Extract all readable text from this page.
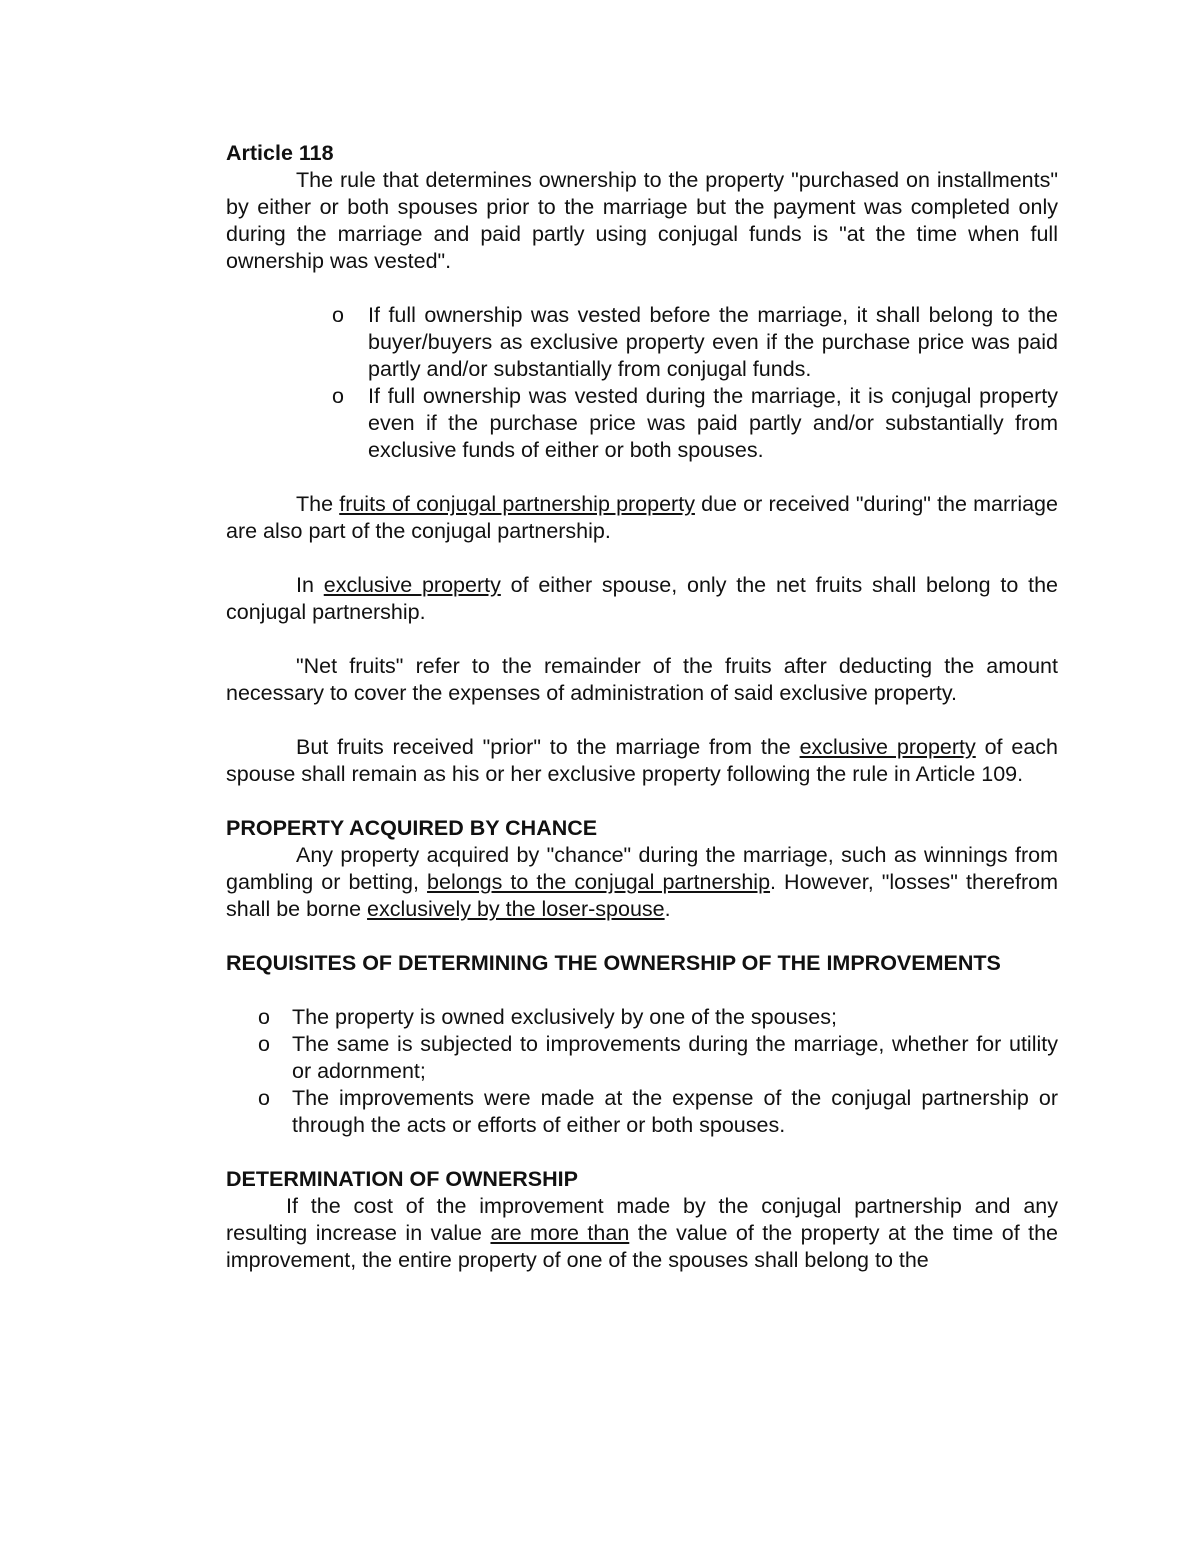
Article 118

The rule that determines ownership to the property "purchased on installments" by either or both spouses prior to the marriage but the payment was completed only during the marriage and paid partly using conjugal funds is "at the time when full ownership was vested".

o If full ownership was vested before the marriage, it shall belong to the buyer/buyers as exclusive property even if the purchase price was paid partly and/or substantially from conjugal funds.
o If full ownership was vested during the marriage, it is conjugal property even if the purchase price was paid partly and/or substantially from exclusive funds of either or both spouses.

The fruits of conjugal partnership property due or received "during" the marriage are also part of the conjugal partnership.

In exclusive property of either spouse, only the net fruits shall belong to the conjugal partnership.

"Net fruits" refer to the remainder of the fruits after deducting the amount necessary to cover the expenses of administration of said exclusive property.

But fruits received "prior" to the marriage from the exclusive property of each spouse shall remain as his or her exclusive property following the rule in Article 109.

PROPERTY ACQUIRED BY CHANCE

Any property acquired by "chance" during the marriage, such as winnings from gambling or betting, belongs to the conjugal partnership. However, "losses" therefrom shall be borne exclusively by the loser-spouse.

REQUISITES OF DETERMINING THE OWNERSHIP OF THE IMPROVEMENTS

o The property is owned exclusively by one of the spouses;
o The same is subjected to improvements during the marriage, whether for utility or adornment;
o The improvements were made at the expense of the conjugal partnership or through the acts or efforts of either or both spouses.

DETERMINATION OF OWNERSHIP

If the cost of the improvement made by the conjugal partnership and any resulting increase in value are more than the value of the property at the time of the improvement, the entire property of one of the spouses shall belong to the
